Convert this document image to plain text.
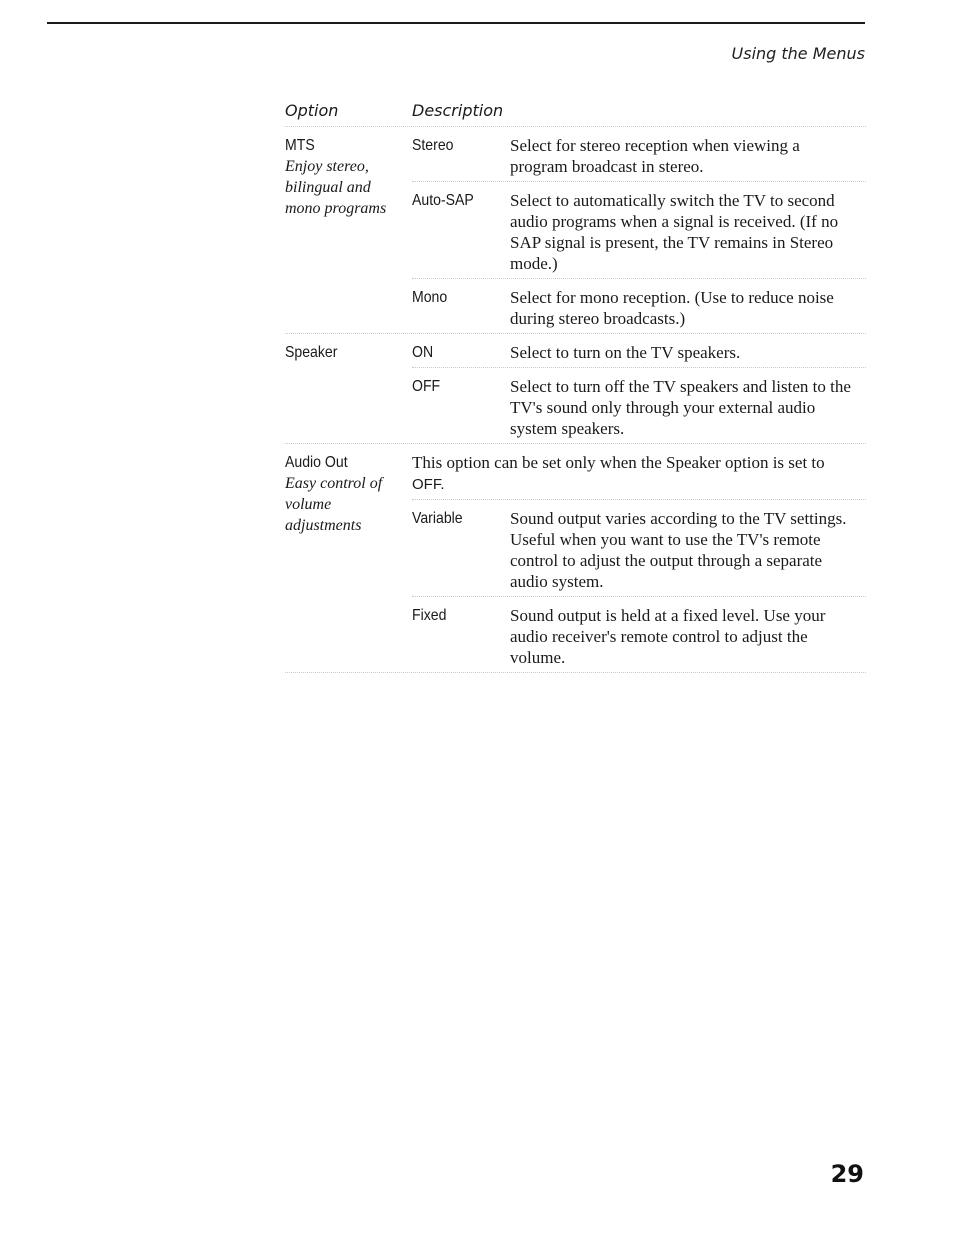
Using the Menus
Option	Description
MTS
Enjoy stereo, bilingual and mono programs
Stereo	Select for stereo reception when viewing a program broadcast in stereo.
Auto-SAP	Select to automatically switch the TV to second audio programs when a signal is received. (If no SAP signal is present, the TV remains in Stereo mode.)
Mono	Select for mono reception. (Use to reduce noise during stereo broadcasts.)
Speaker	ON	Select to turn on the TV speakers.
OFF	Select to turn off the TV speakers and listen to the TV's sound only through your external audio system speakers.
Audio Out
Easy control of volume adjustments
This option can be set only when the Speaker option is set to OFF.
Variable	Sound output varies according to the TV settings. Useful when you want to use the TV's remote control to adjust the output through a separate audio system.
Fixed	Sound output is held at a fixed level. Use your audio receiver's remote control to adjust the volume.
29
